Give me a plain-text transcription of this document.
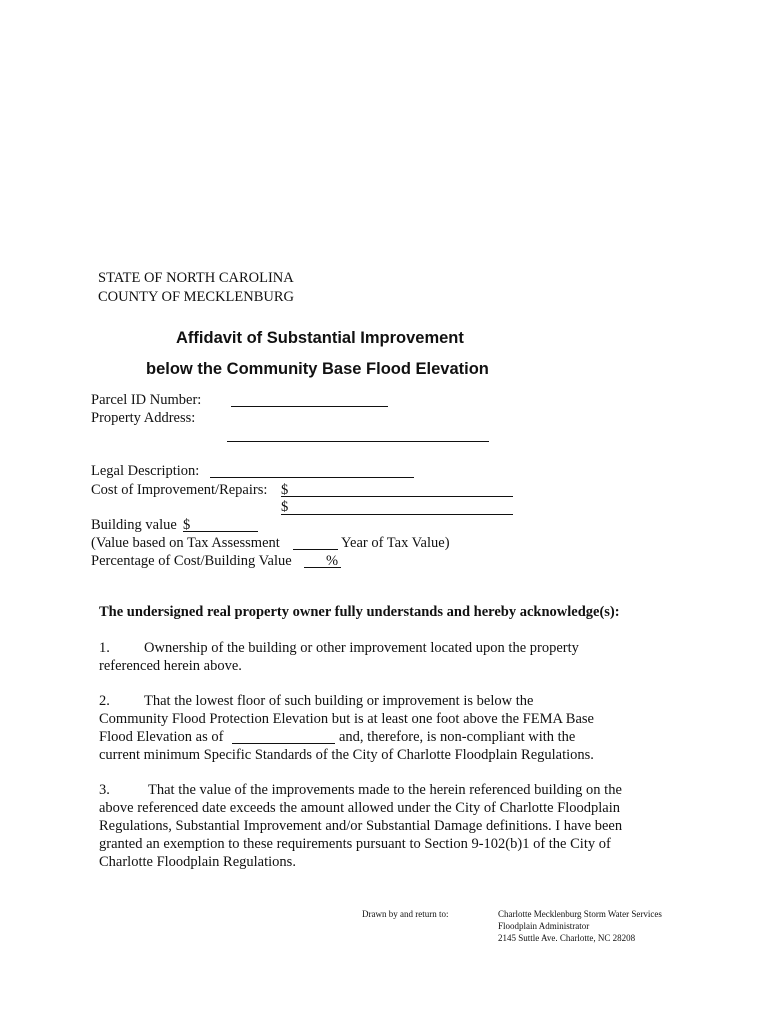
STATE OF NORTH CAROLINA
COUNTY OF MECKLENBURG
Affidavit of Substantial Improvement
below the Community Base Flood Elevation
Parcel ID Number:
Property Address:
Legal Description:
Cost of Improvement/Repairs: $
$
Building value $
(Value based on Tax Assessment	Year of Tax Value)
Percentage of Cost/Building Value %
The undersigned real property owner fully understands and hereby acknowledge(s):
1. Ownership of the building or other improvement located upon the property
referenced herein above.
2. That the lowest floor of such building or improvement is below the
Community Flood Protection Elevation but is at least one foot above the FEMA Base
Flood Elevation as of	and, therefore, is non-compliant with the
current minimum Specific Standards of the City of Charlotte Floodplain Regulations.
3.	That the value of the improvements made to the herein referenced building on the
above referenced date exceeds the amount allowed under the City of Charlotte Floodplain
Regulations, Substantial Improvement and/or Substantial Damage definitions. I have been
granted an exemption to these requirements pursuant to Section 9-102(b)1 of the City of
Charlotte Floodplain Regulations.
Drawn by and return to:	Charlotte Mecklenburg Storm Water Services
Floodplain Administrator
2145 Suttle Ave. Charlotte, NC 28208
